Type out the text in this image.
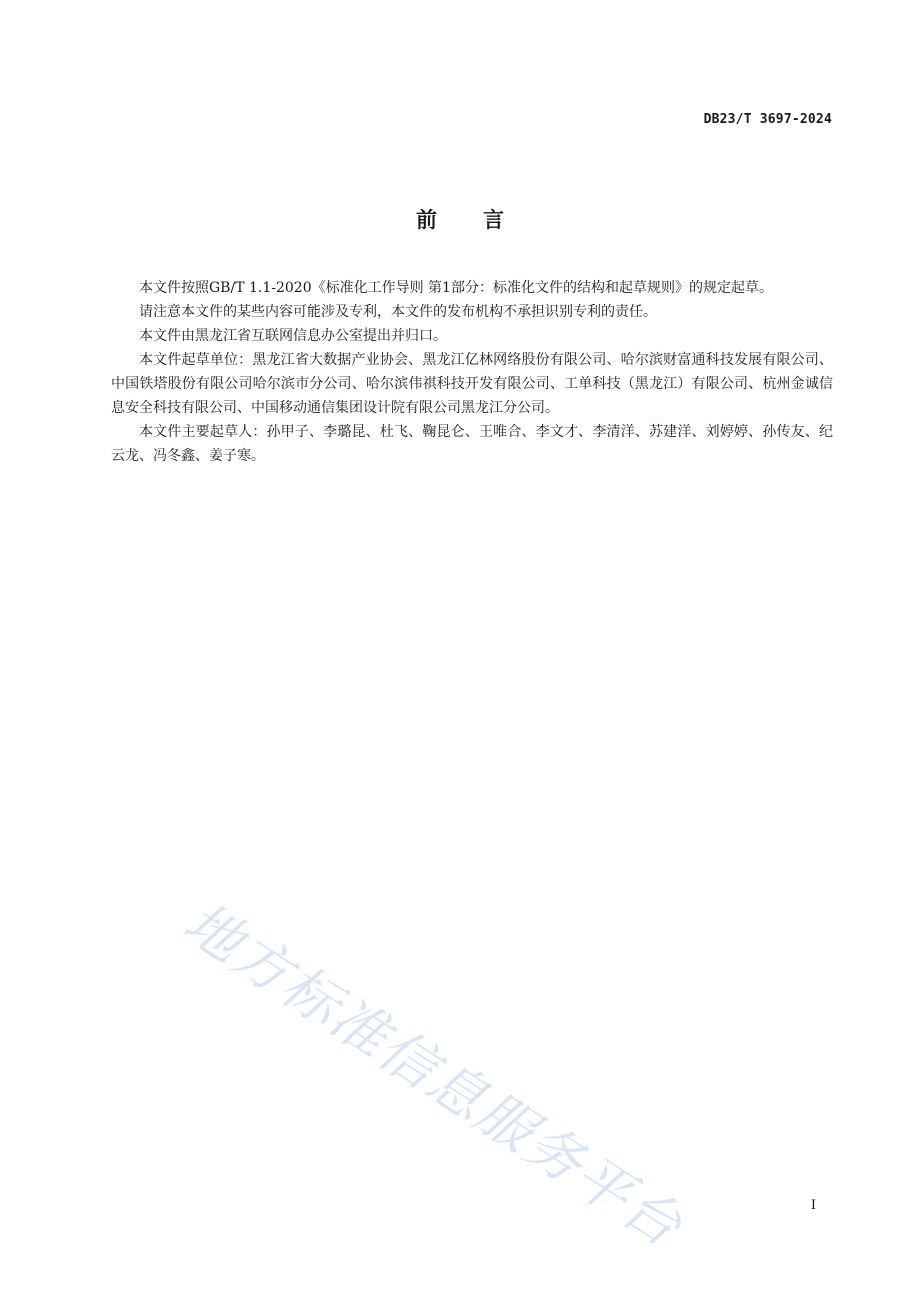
DB23/T 3697-2024
前 言

本文件按照GB/T 1.1-2020《标准化工作导则 第1部分：标准化文件的结构和起草规则》的规定起草。

请注意本文件的某些内容可能涉及专利，本文件的发布机构不承担识别专利的责任。

本文件由黑龙江省互联网信息办公室提出并归口。

本文件起草单位：黑龙江省大数据产业协会、黑龙江亿林网络股份有限公司、哈尔滨财富通科技发展有限公司、中国铁塔股份有限公司哈尔滨市分公司、哈尔滨伟祺科技开发有限公司、工单科技（黑龙江）有限公司、杭州金诚信息安全科技有限公司、中国移动通信集团设计院有限公司黑龙江分公司。

本文件主要起草人：孙甲子、李璐昆、杜飞、鞠昆仑、王唯合、李文才、李清洋、苏建洋、刘婷婷、孙传友、纪云龙、冯冬鑫、姜子寒。

地方标准信息服务平台	I
